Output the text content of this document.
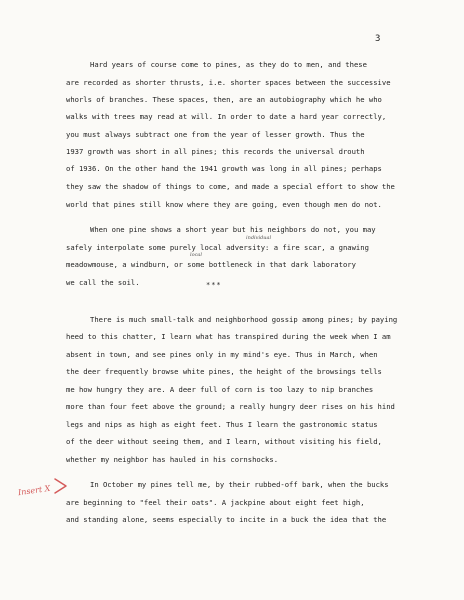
3
Hard years of course come to pines, as they do to men, and these
are recorded as shorter thrusts, i.e. shorter spaces between the successive
whorls of branches. These spaces, then, are an autobiography which he who
walks with trees may read at will. In order to date a hard year correctly,
you must always subtract one from the year of lesser growth. Thus the
1937 growth was short in all pines; this records the universal drouth
of 1936. On the other hand the 1941 growth was long in all pines; perhaps
they saw the shadow of things to come, and made a special effort to show the
world that pines still know where they are going, even though men do not.
When one pine shows a short year but his neighbors do not, you may
safely interpolate some purely local adversity: a fire scar, a gnawing
meadowmouse, a windburn, or some bottleneck in that dark laboratory
we call the soil.
individual
local
***
There is much small-talk and neighborhood gossip among pines; by paying
heed to this chatter, I learn what has transpired during the week when I am
absent in town, and see pines only in my mind's eye. Thus in March, when
the deer frequently browse white pines, the height of the browsings tells
me how hungry they are. A deer full of corn is too lazy to nip branches
more than four feet above the ground; a really hungry deer rises on his hind
legs and nips as high as eight feet. Thus I learn the gastronomic status
of the deer without seeing them, and I learn, without visiting his field,
whether my neighbor has hauled in his cornshocks.
In October my pines tell me, by their rubbed-off bark, when the bucks
are beginning to "feel their oats". A jackpine about eight feet high,
and standing alone, seems especially to incite in a buck the idea that the
Insert X
